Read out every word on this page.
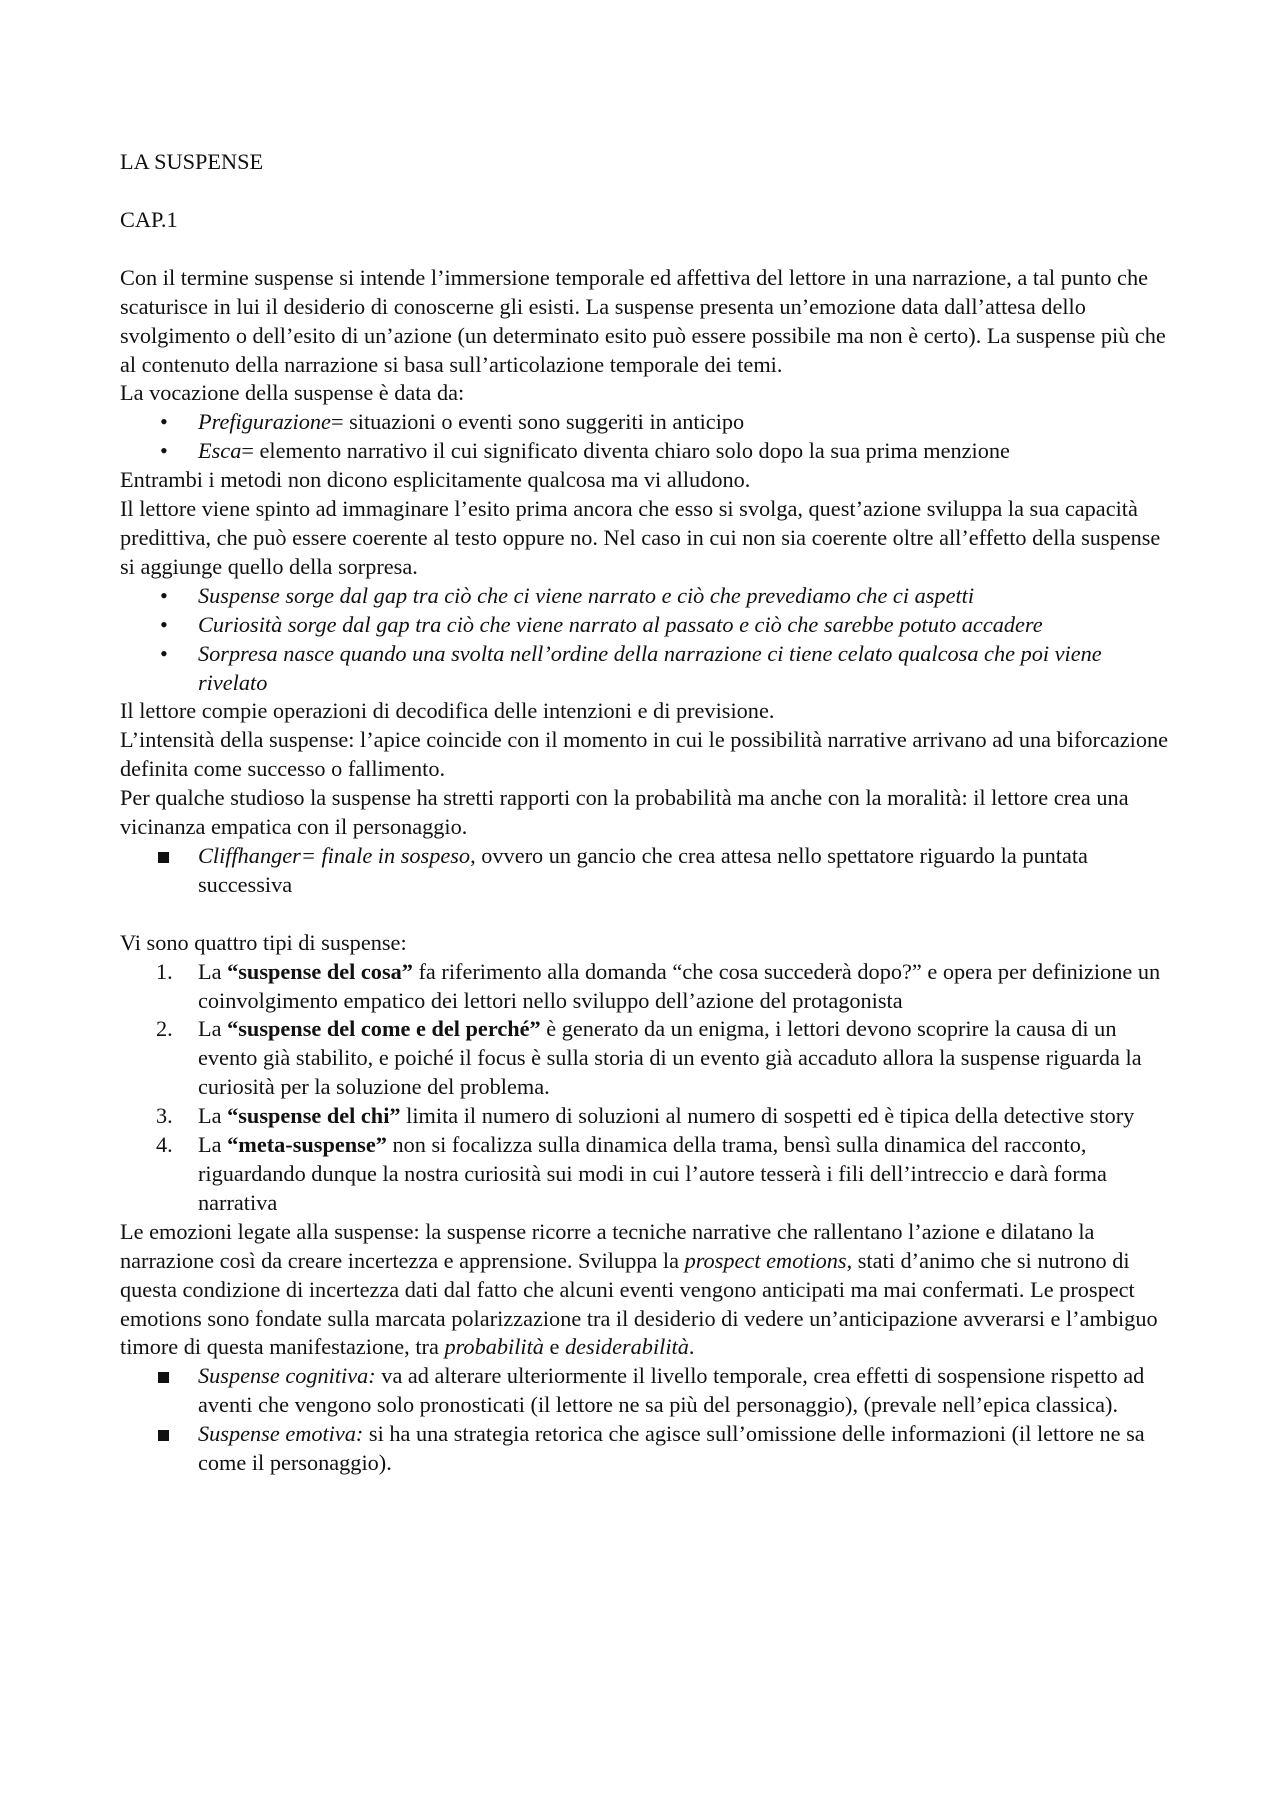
LA SUSPENSE

CAP.1

Con il termine suspense si intende l’immersione temporale ed affettiva del lettore in una narrazione, a tal punto che scaturisce in lui il desiderio di conoscerne gli esisti. La suspense presenta un’emozione data dall’attesa dello svolgimento o dell’esito di un’azione (un determinato esito può essere possibile ma non è certo). La suspense più che al contenuto della narrazione si basa sull’articolazione temporale dei temi.

La vocazione della suspense è data da:

• Prefigurazione= situazioni o eventi sono suggeriti in anticipo
• Esca= elemento narrativo il cui significato diventa chiaro solo dopo la sua prima menzione

Entrambi i metodi non dicono esplicitamente qualcosa ma vi alludono.

Il lettore viene spinto ad immaginare l’esito prima ancora che esso si svolga, quest’azione sviluppa la sua capacità predittiva, che può essere coerente al testo oppure no. Nel caso in cui non sia coerente oltre all’effetto della suspense si aggiunge quello della sorpresa.

• Suspense sorge dal gap tra ciò che ci viene narrato e ciò che prevediamo che ci aspetti
• Curiosità sorge dal gap tra ciò che viene narrato al passato e ciò che sarebbe potuto accadere
• Sorpresa nasce quando una svolta nell’ordine della narrazione ci tiene celato qualcosa che poi viene rivelato

Il lettore compie operazioni di decodifica delle intenzioni e di previsione.

L’intensità della suspense: l’apice coincide con il momento in cui le possibilità narrative arrivano ad una biforcazione definita come successo o fallimento.

Per qualche studioso la suspense ha stretti rapporti con la probabilità ma anche con la moralità: il lettore crea una vicinanza empatica con il personaggio.

Cliffhanger= finale in sospeso, ovvero un gancio che crea attesa nello spettatore riguardo la puntata successiva

Vi sono quattro tipi di suspense:

1. La “suspense del cosa” fa riferimento alla domanda “che cosa succederà dopo?” e opera per definizione un coinvolgimento empatico dei lettori nello sviluppo dell’azione del protagonista
2. La “suspense del come e del perché” è generato da un enigma, i lettori devono scoprire la causa di un evento già stabilito, e poiché il focus è sulla storia di un evento già accaduto allora la suspense riguarda la curiosità per la soluzione del problema.
3. La “suspense del chi” limita il numero di soluzioni al numero di sospetti ed è tipica della detective story
4. La “meta-suspense” non si focalizza sulla dinamica della trama, bensì sulla dinamica del racconto, riguardando dunque la nostra curiosità sui modi in cui l’autore tesserà i fili dell’intreccio e darà forma narrativa

Le emozioni legate alla suspense: la suspense ricorre a tecniche narrative che rallentano l’azione e dilatano la narrazione così da creare incertezza e apprensione. Sviluppa la prospect emotions, stati d’animo che si nutrono di questa condizione di incertezza dati dal fatto che alcuni eventi vengono anticipati ma mai confermati. Le prospect emotions sono fondate sulla marcata polarizzazione tra il desiderio di vedere un’anticipazione avverarsi e l’ambiguo timore di questa manifestazione, tra probabilità e desiderabilità.

Suspense cognitiva: va ad alterare ulteriormente il livello temporale, crea effetti di sospensione rispetto ad aventi che vengono solo pronosticati (il lettore ne sa più del personaggio), (prevale nell’epica classica).
Suspense emotiva: si ha una strategia retorica che agisce sull’omissione delle informazioni (il lettore ne sa come il personaggio).
